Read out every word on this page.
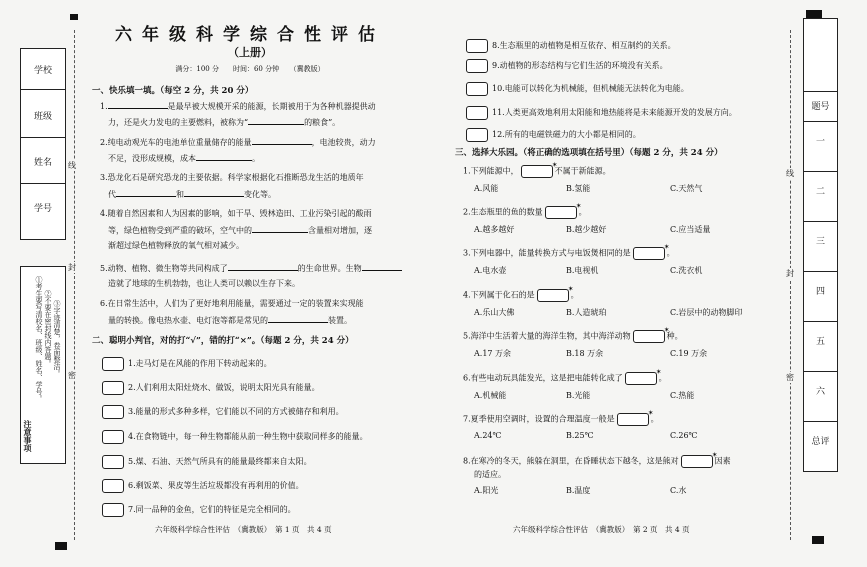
学校
班级
姓名
学号
注意事项
①考生要写清校名、班级、姓名、学号。 ②不要在密封线内答题。 ③字迹清楚，卷面整洁。
线
封
密
线
封
密
题号
一
二
三
四
五
六
总评
六年级科学综合性评估
（上册）
满分：100 分　　时间：60 分钟　　（冀教版）
一、快乐填一填。（每空 2 分，共 20 分）
1.	是最早被大规模开采的能源，长期被用于为各种机器提供动
力，还是火力发电的主要燃料，被称为“	的粮食”。
2.纯电动观光车的电池单位重量储存的能量	，电池较贵，动力
不足，没形成规模，成本	。
3.恐龙化石是研究恐龙的主要依据。科学家根据化石推断恐龙生活的地质年
代	和	变化等。
4.随着自然因素和人为因素的影响，如干旱、毁林造田、工业污染引起的酸雨
等，绿色植物受到严重的破坏，空气中的	含量相对增加，逐
渐超过绿色植物释放的氧气相对减少。
5.动物、植物、微生物等共同构成了	的生命世界。生物
造就了地球的生机勃勃，也让人类可以赖以生存下来。
6.在日常生活中，人们为了更好地利用能量，需要通过一定的装置来实现能
量的转换。像电热水壶、电灯泡等都是常见的	装置。
二、聪明小判官，对的打“√”，错的打“×”。（每题 2 分，共 24 分）
三、选择大乐园。（将正确的选项填在括号里）（每题 2 分，共 24 分）
六年级科学综合性评估　（冀教版）　第 1 页　共 4 页	六年级科学综合性评估　（冀教版）　第 2 页　共 4 页
1.走马灯是在风能的作用下转动起来的。
2.人们利用太阳灶烧水、做饭，说明太阳光具有能量。
3.能量的形式多种多样，它们能以不同的方式被储存和利用。
4.在食物链中，每一种生物都能从前一种生物中获取同样多的能量。
5.煤、石油、天然气所具有的能量最终都来自太阳。
6.剩饭菜、果皮等生活垃圾都没有再利用的价值。
7.同一品种的金鱼，它们的特征是完全相同的。
8.生态瓶里的动植物是相互依存、相互制约的关系。
9.动植物的形态结构与它们生活的环境没有关系。
10.电能可以转化为机械能，但机械能无法转化为电能。
11.人类更高效地利用太阳能和地热能将是未来能源开发的发展方向。
12.所有的电磁铁磁力的大小都是相同的。
1.下列能源中， ✶	不属于新能源。
A.风能	B.氢能	C.天然气
2.生态瓶里的鱼的数量 ✶	。
A.越多越好	B.越少越好	C.应当适量
3.下列电器中，能量转换方式与电饭煲相同的是 ✶	。
A.电水壶	B.电视机	C.洗衣机
4.下列属于化石的是 ✶	。
A.乐山大佛	B.人造琥珀	C.岩层中的动物脚印
5.海洋中生活着大量的海洋生物，其中海洋动物 ✶	种。
A.17 万余	B.18 万余	C.19 万余
6.有些电动玩具能发光，这是把电能转化成了 ✶	。
A.机械能	B.光能	C.热能
7.夏季使用空调时，设置的合理温度一般是 ✶	。
A.24℃	B.25℃	C.26℃
8.在寒冷的冬天，熊躲在洞里，在昏睡状态下越冬，这是熊对 ✶	因素
的适应。
A.阳光	B.温度	C.水
